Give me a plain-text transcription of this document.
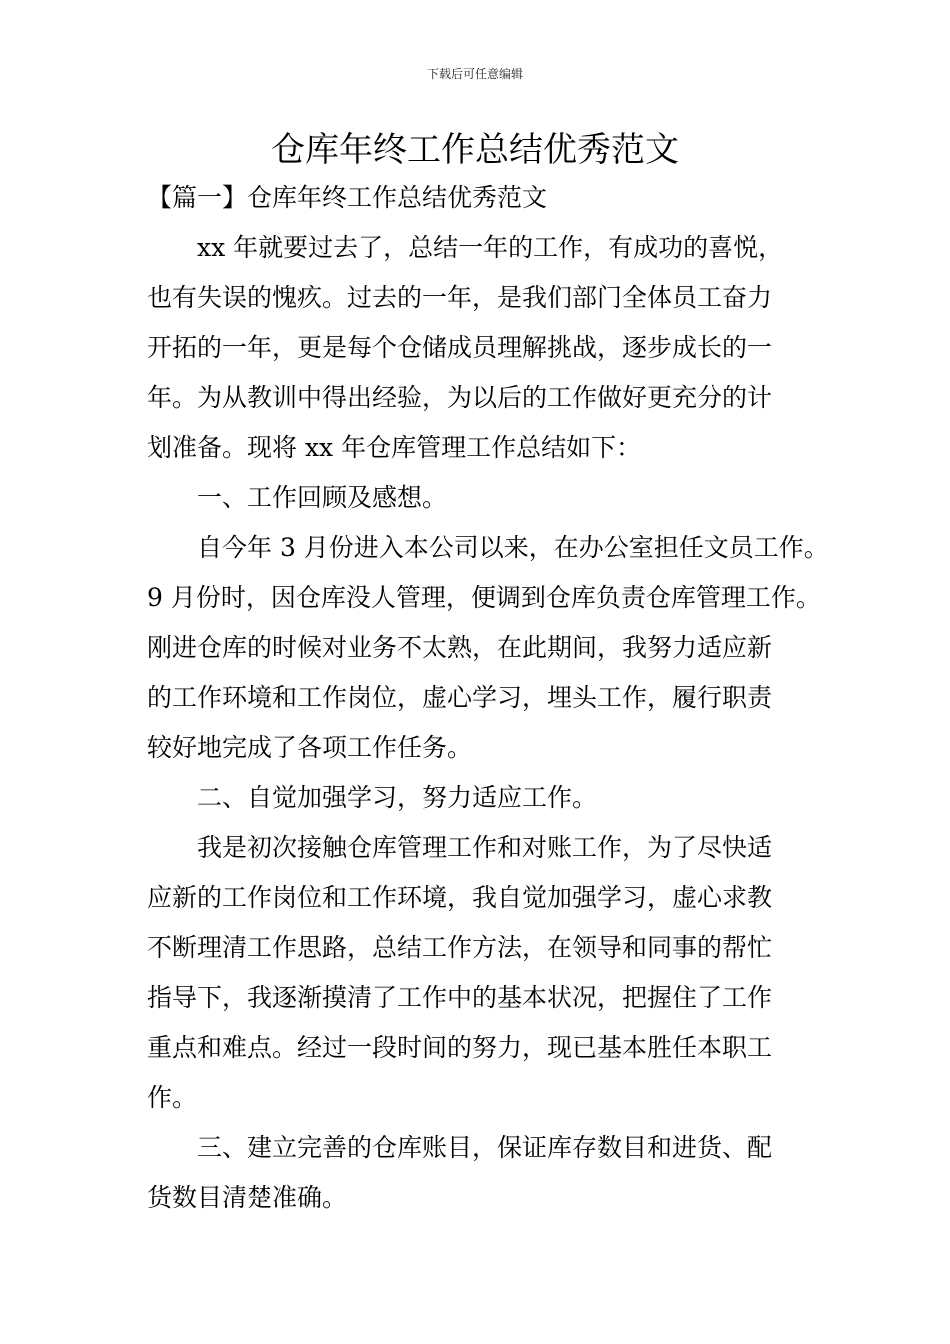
下载后可任意编辑
仓库年终工作总结优秀范文
【篇一】仓库年终工作总结优秀范文
xx 年就要过去了，总结一年的工作，有成功的喜悦，
也有失误的愧疚。过去的一年，是我们部门全体员工奋力
开拓的一年，更是每个仓储成员理解挑战，逐步成长的一
年。为从教训中得出经验，为以后的工作做好更充分的计
划准备。现将 xx 年仓库管理工作总结如下：
一、工作回顾及感想。
自今年 3 月份进入本公司以来，在办公室担任文员工作。
9 月份时，因仓库没人管理，便调到仓库负责仓库管理工作。
刚进仓库的时候对业务不太熟，在此期间，我努力适应新
的工作环境和工作岗位，虚心学习，埋头工作，履行职责
较好地完成了各项工作任务。
二、自觉加强学习，努力适应工作。
我是初次接触仓库管理工作和对账工作，为了尽快适
应新的工作岗位和工作环境，我自觉加强学习，虚心求教
不断理清工作思路，总结工作方法，在领导和同事的帮忙
指导下，我逐渐摸清了工作中的基本状况，把握住了工作
重点和难点。经过一段时间的努力，现已基本胜任本职工
作。
三、建立完善的仓库账目，保证库存数目和进货、配
货数目清楚准确。
